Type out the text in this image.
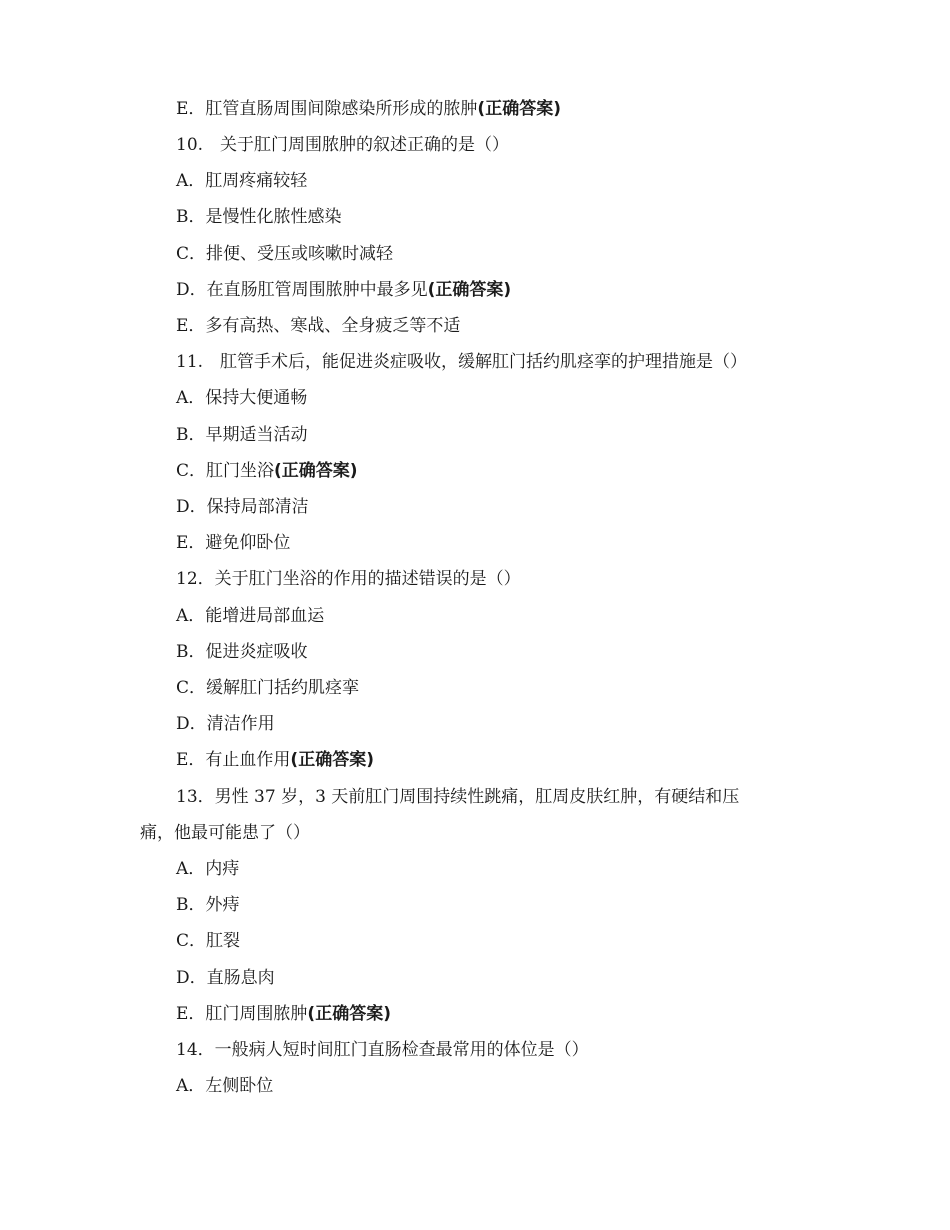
E．肛管直肠周围间隙感染所形成的脓肿(正确答案)
10.　关于肛门周围脓肿的叙述正确的是（）
A．肛周疼痛较轻
B．是慢性化脓性感染
C．排便、受压或咳嗽时减轻
D．在直肠肛管周围脓肿中最多见(正确答案)
E．多有高热、寒战、全身疲乏等不适
11.　肛管手术后，能促进炎症吸收，缓解肛门括约肌痉挛的护理措施是（）
A．保持大便通畅
B．早期适当活动
C．肛门坐浴(正确答案)
D．保持局部清洁
E．避免仰卧位
12．关于肛门坐浴的作用的描述错误的是（）
A．能增进局部血运
B．促进炎症吸收
C．缓解肛门括约肌痉挛
D．清洁作用
E．有止血作用(正确答案)
13．男性 37 岁，3 天前肛门周围持续性跳痛，肛周皮肤红肿，有硬结和压
痛，他最可能患了（）
A．内痔
B．外痔
C．肛裂
D．直肠息肉
E．肛门周围脓肿(正确答案)
14．一般病人短时间肛门直肠检查最常用的体位是（）
A．左侧卧位
